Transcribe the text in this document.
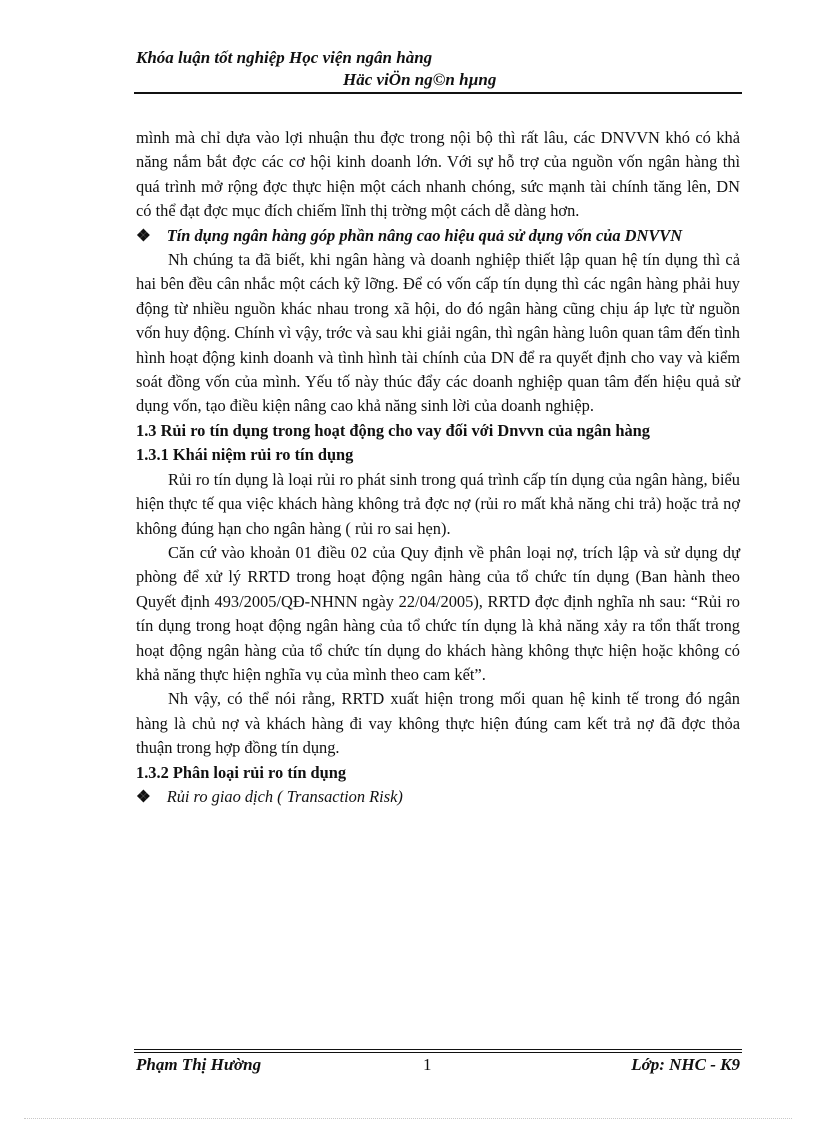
Khóa luận tốt nghiệp Học viện ngân hàng
Häc viÖn ng©n hµng

mình mà chỉ dựa vào lợi nhuận thu đợc trong nội bộ thì rất lâu, các DNVVN khó có khả năng nắm bắt đợc các cơ hội kinh doanh lớn. Với sự hỗ trợ của nguồn vốn ngân hàng thì quá trình mở rộng đợc thực hiện một cách nhanh chóng, sức mạnh tài chính tăng lên, DN có thể đạt đợc mục đích chiếm lĩnh thị trờng một cách dễ dàng hơn.

❖ Tín dụng ngân hàng góp phần nâng cao hiệu quả sử dụng vốn của DNVVN

Nh chúng ta đã biết, khi ngân hàng và doanh nghiệp thiết lập quan hệ tín dụng thì cả hai bên đều cân nhắc một cách kỹ lỡng. Để có vốn cấp tín dụng thì các ngân hàng phải huy động từ nhiều nguồn khác nhau trong xã hội, do đó ngân hàng cũng chịu áp lực từ nguồn vốn huy động. Chính vì vậy, trớc và sau khi giải ngân, thì ngân hàng luôn quan tâm đến tình hình hoạt động kinh doanh và tình hình tài chính của DN để ra quyết định cho vay và kiểm soát đồng vốn của mình. Yếu tố này thúc đẩy các doanh nghiệp quan tâm đến hiệu quả sử dụng vốn, tạo điều kiện nâng cao khả năng sinh lời của doanh nghiệp.

1.3 Rủi ro tín dụng trong hoạt động cho vay đối với Dnvvn của ngân hàng

1.3.1 Khái niệm rủi ro tín dụng

Rủi ro tín dụng là loại rủi ro phát sinh trong quá trình cấp tín dụng của ngân hàng, biểu hiện thực tế qua việc khách hàng không trả đợc nợ (rủi ro mất khả năng chi trả) hoặc trả nợ không đúng hạn cho ngân hàng ( rủi ro sai hẹn).

Căn cứ vào khoản 01 điều 02 của Quy định về phân loại nợ, trích lập và sử dụng dự phòng để xử lý RRTD trong hoạt động ngân hàng của tổ chức tín dụng (Ban hành theo Quyết định 493/2005/QĐ-NHNN ngày 22/04/2005), RRTD đợc định nghĩa nh sau: “Rủi ro tín dụng trong hoạt động ngân hàng của tổ chức tín dụng là khả năng xảy ra tổn thất trong hoạt động ngân hàng của tổ chức tín dụng do khách hàng không thực hiện hoặc không có khả năng thực hiện nghĩa vụ của mình theo cam kết”.

Nh vậy, có thể nói rằng, RRTD xuất hiện trong mối quan hệ kinh tế trong đó ngân hàng là chủ nợ và khách hàng đi vay không thực hiện đúng cam kết trả nợ đã đợc thỏa thuận trong hợp đồng tín dụng.

1.3.2 Phân loại rủi ro tín dụng

❖ Rủi ro giao dịch ( Transaction Risk)

Phạm Thị Hường	1	Lớp: NHC - K9
